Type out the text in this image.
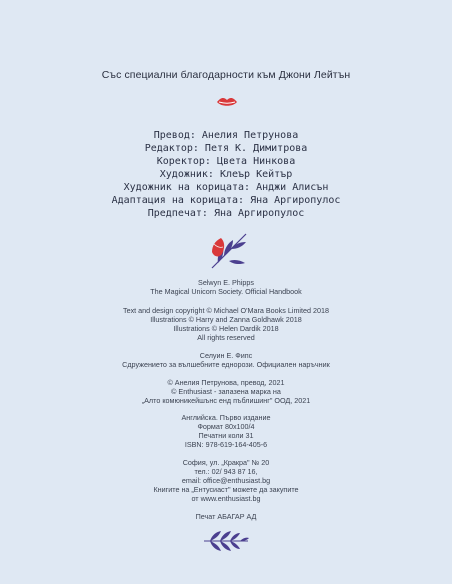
Със специални благодарности към Джони Лейтън
Превод: Анелия Петрунова
Редактор: Петя К. Димитрова
Коректор: Цвета Нинкова
Художник: Клеър Кейтър
Художник на корицата: Анджи Алисън
Адаптация на корицата: Яна Аргиропулос
Предпечат: Яна Аргиропулос
Selwyn E. Phipps
The Magical Unicorn Society. Official Handbook
Text and design copyright © Michael O'Mara Books Limited 2018
Illustrations © Harry and Zanna Goldhawk 2018
Illustrations © Helen Dardik 2018
All rights reserved
Селуин Е. Фипс
Сдружението за вълшебните еднорози. Официален наръчник
© Анелия Петрунова, превод, 2021
© Enthusiast - запазена марка на
„Алто комюникейшънс енд пъблишинг" ООД, 2021
Английска. Първо издание
Формат 80х100/4
Печатни коли 31
ISBN: 978-619-164-405-6
София, ул. „Кракра" № 20
тел.: 02/ 943 87 16,
email: office@enthusiast.bg
Книгите на „Ентусиаст" можете да закупите
от www.enthusiast.bg
Печат АБАГАР АД
